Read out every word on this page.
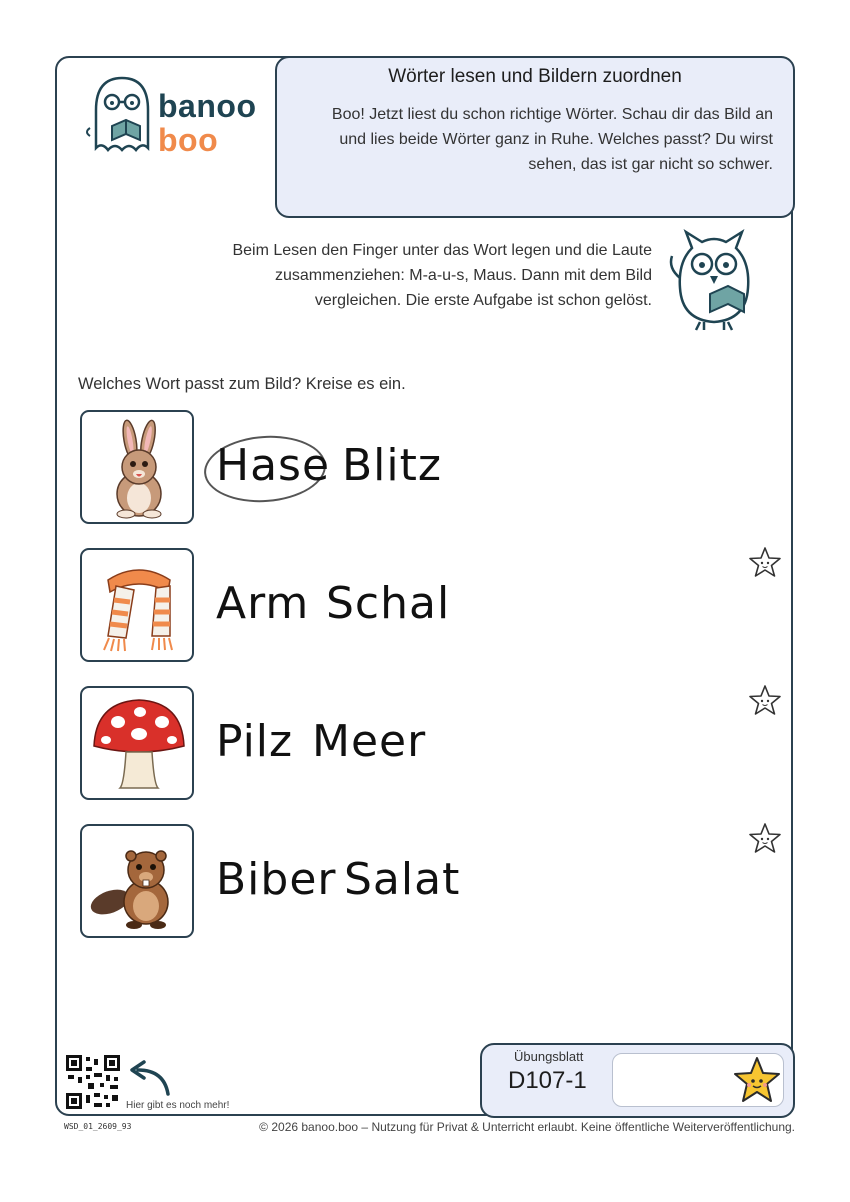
banoo
boo
Wörter lesen und Bildern zuordnen
Boo! Jetzt liest du schon richtige Wörter. Schau dir das Bild an
und lies beide Wörter ganz in Ruhe. Welches passt? Du wirst
sehen, das ist gar nicht so schwer.
Beim Lesen den Finger unter das Wort legen und die Laute
zusammenziehen: M-a-u-s, Maus. Dann mit dem Bild
vergleichen. Die erste Aufgabe ist schon gelöst.
Welches Wort passt zum Bild? Kreise es ein.
Hase Blitz
Arm Schal
Pilz Meer
Biber Salat
Hier gibt es noch mehr!
WSD_01_2609_93	© 2026 banoo.boo – Nutzung für Privat & Unterricht erlaubt. Keine öffentliche Weiterveröffentlichung.
Übungsblatt
D107-1
